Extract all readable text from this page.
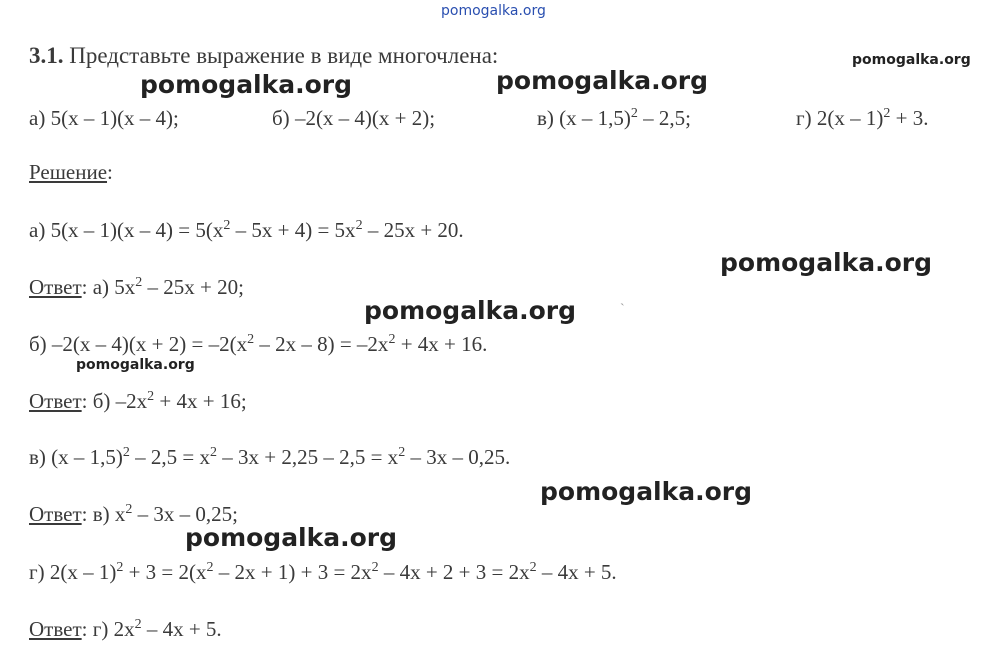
pomogalka.org
3.1. Представьте выражение в виде многочлена:	pomogalka.org
pomogalka.org	pomogalka.org
а) 5(x – 1)(x – 4);	б) –2(x – 4)(x + 2);	в) (x – 1,5)$^2$ – 2,5;	г) 2(x – 1)$^2$ + 3.
Решение:
а) $5(x - 1)(x - 4) = 5(x^2 - 5x + 4) = 5x^2 - 25x + 20$.
pomogalka.org
Ответ: а) $5x^2 - 25x + 20$;
pomogalka.org	`
б) $-2(x - 4)(x + 2) = -2(x^2 - 2x - 8) = -2x^2 + 4x + 16$.
pomogalka.org
Ответ: б) $-2x^2 + 4x + 16$;
в) $(x - 1,5)^2 - 2,5 = x^2 - 3x + 2,25 - 2,5 = x^2 - 3x - 0,25$.
pomogalka.org
Ответ: в) $x^2 - 3x - 0,25$;
pomogalka.org
г) $2(x - 1)^2 + 3 = 2(x^2 - 2x + 1) + 3 = 2x^2 - 4x + 2 + 3 = 2x^2 - 4x + 5$.
Ответ: г) $2x^2 - 4x + 5$.
